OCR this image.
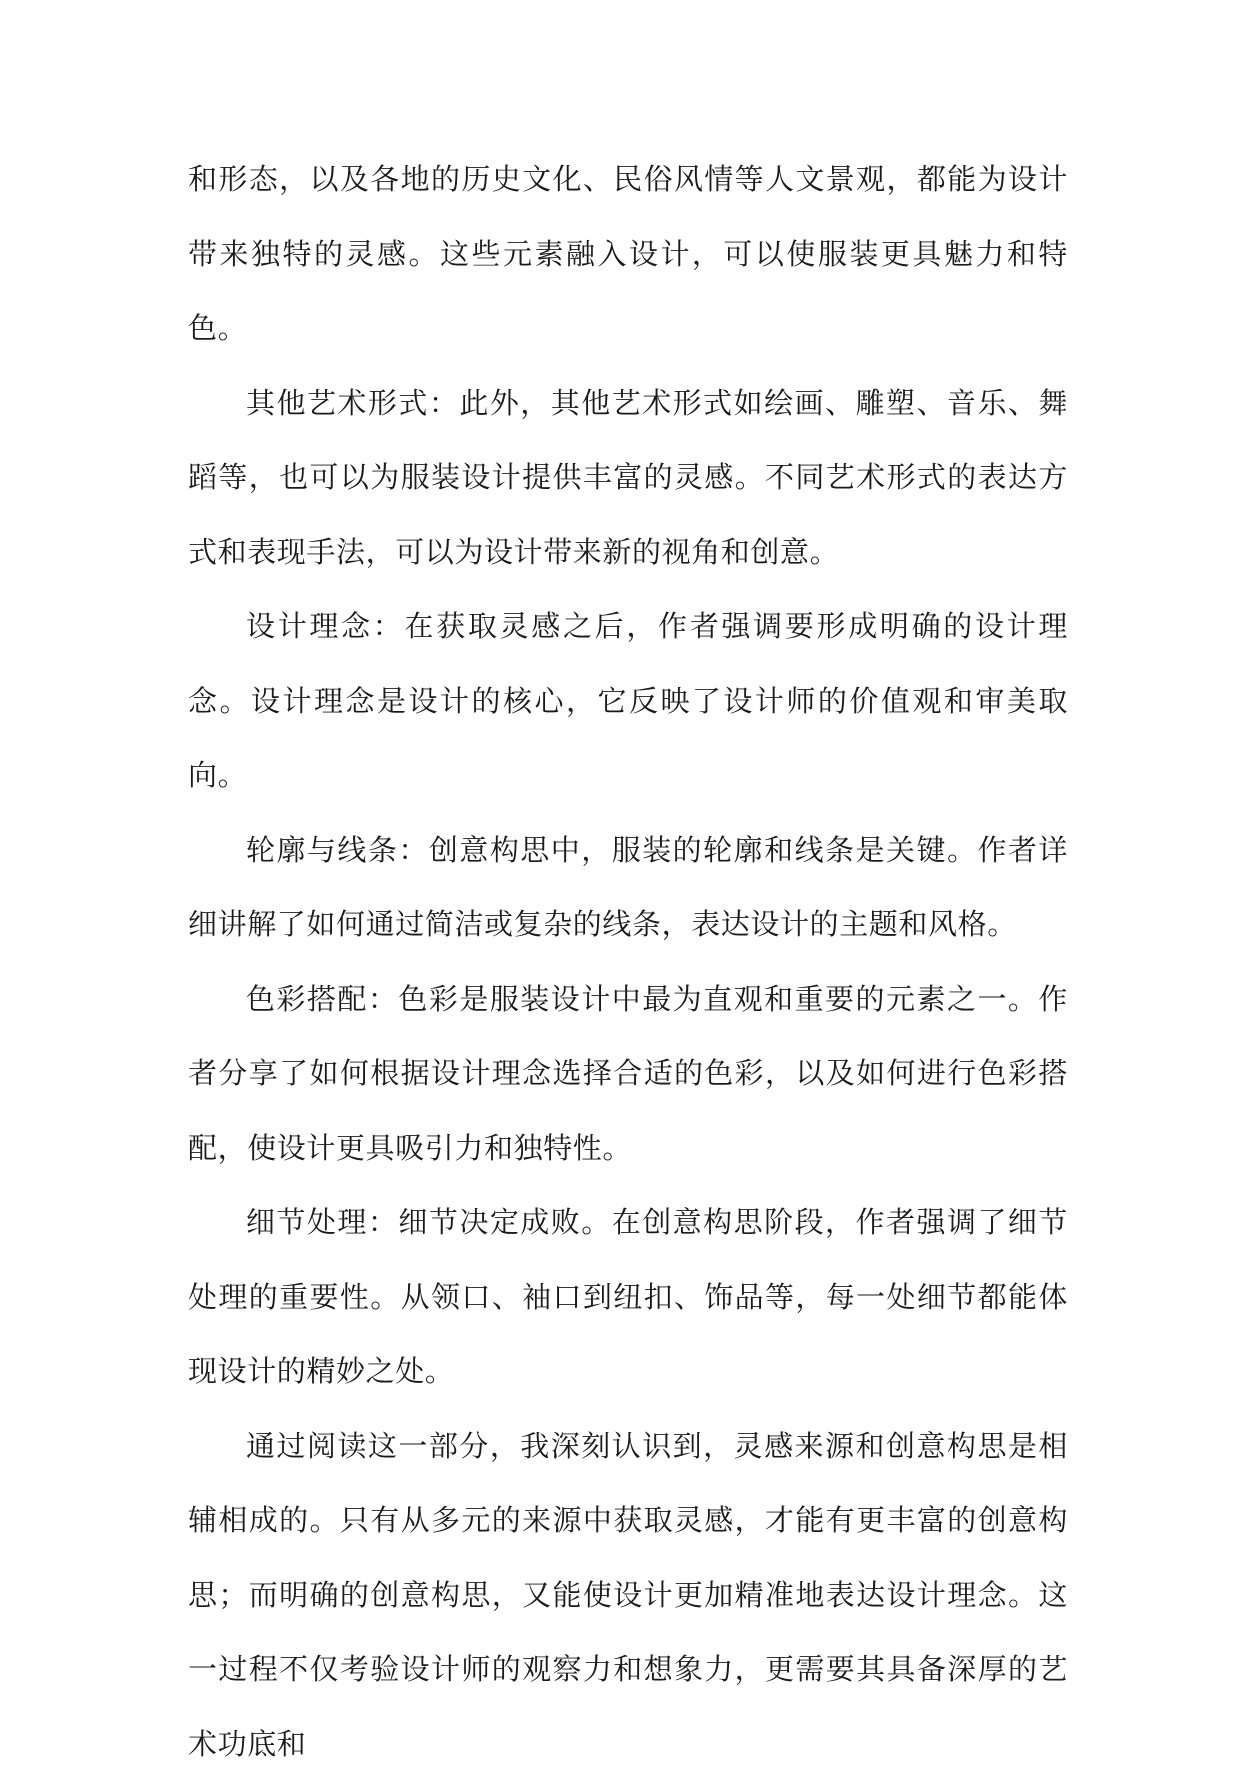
和形态，以及各地的历史文化、民俗风情等人文景观，都能为设计带来独特的灵感。这些元素融入设计，可以使服装更具魅力和特色。

其他艺术形式：此外，其他艺术形式如绘画、雕塑、音乐、舞蹈等，也可以为服装设计提供丰富的灵感。不同艺术形式的表达方式和表现手法，可以为设计带来新的视角和创意。

设计理念：在获取灵感之后，作者强调要形成明确的设计理念。设计理念是设计的核心，它反映了设计师的价值观和审美取向。

轮廓与线条：创意构思中，服装的轮廓和线条是关键。作者详细讲解了如何通过简洁或复杂的线条，表达设计的主题和风格。

色彩搭配：色彩是服装设计中最为直观和重要的元素之一。作者分享了如何根据设计理念选择合适的色彩，以及如何进行色彩搭配，使设计更具吸引力和独特性。

细节处理：细节决定成败。在创意构思阶段，作者强调了细节处理的重要性。从领口、袖口到纽扣、饰品等，每一处细节都能体现设计的精妙之处。

通过阅读这一部分，我深刻认识到，灵感来源和创意构思是相辅相成的。只有从多元的来源中获取灵感，才能有更丰富的创意构思；而明确的创意构思，又能使设计更加精准地表达设计理念。这一过程不仅考验设计师的观察力和想象力，更需要其具备深厚的艺术功底和
